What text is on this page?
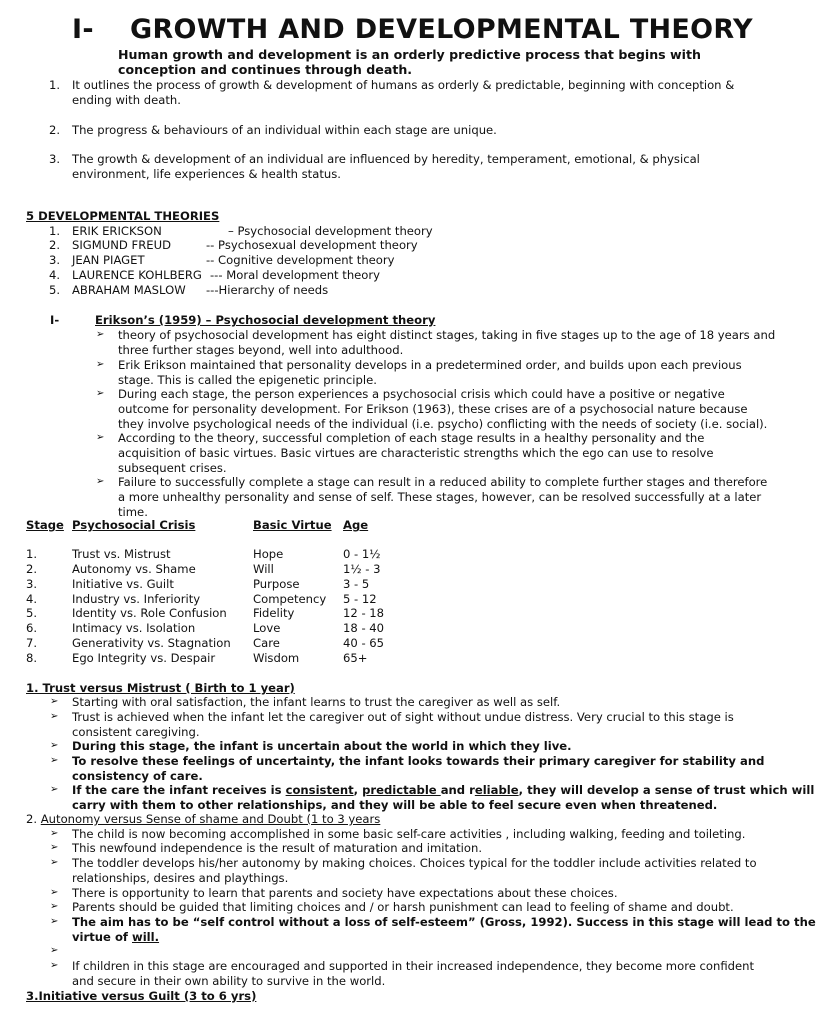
I- GROWTH AND DEVELOPMENTAL THEORY
Human growth and development is an orderly predictive process that begins with conception and continues through death.
1. It outlines the process of growth & development of humans as orderly & predictable, beginning with conception &
ending with death.
2. The progress & behaviours of an individual within each stage are unique.
3. The growth & development of an individual are influenced by heredity, temperament, emotional, & physical
environment, life experiences & health status.
5 DEVELOPMENTAL THEORIES
1. ERIK ERICKSON	– Psychosocial development theory
2. SIGMUND FREUD	-- Psychosexual development theory
3. JEAN PIAGET	-- Cognitive development theory
4. LAURENCE KOHLBERG --- Moral development theory
5. ABRAHAM MASLOW ---Hierarchy of needs
I-	Erikson’s (1959) – Psychosocial development theory
➢ theory of psychosocial development has eight distinct stages, taking in five stages up to the age of 18 years and
three further stages beyond, well into adulthood.
➢ Erik Erikson maintained that personality develops in a predetermined order, and builds upon each previous
stage. This is called the epigenetic principle.
➢ During each stage, the person experiences a psychosocial crisis which could have a positive or negative
outcome for personality development. For Erikson (1963), these crises are of a psychosocial nature because
they involve psychological needs of the individual (i.e. psycho) conflicting with the needs of society (i.e. social).
➢ According to the theory, successful completion of each stage results in a healthy personality and the
acquisition of basic virtues. Basic virtues are characteristic strengths which the ego can use to resolve
subsequent crises.
➢ Failure to successfully complete a stage can result in a reduced ability to complete further stages and therefore
a more unhealthy personality and sense of self. These stages, however, can be resolved successfully at a later
time.
Stage Psychosocial Crisis	Basic Virtue Age
1.	Trust vs. Mistrust	Hope	0 - 1½
2.	Autonomy vs. Shame	Will	1½ - 3
3.	Initiative vs. Guilt	Purpose	3 - 5
4.	Industry vs. Inferiority	Competency 5 - 12
5.	Identity vs. Role Confusion Fidelity	12 - 18
6.	Intimacy vs. Isolation	Love	18 - 40
7.	Generativity vs. Stagnation Care	40 - 65
8.	Ego Integrity vs. Despair	Wisdom	65+
1. Trust versus Mistrust ( Birth to 1 year)
➢ Starting with oral satisfaction, the infant learns to trust the caregiver as well as self.
➢ Trust is achieved when the infant let the caregiver out of sight without undue distress. Very crucial to this stage is
consistent caregiving.
➢ During this stage, the infant is uncertain about the world in which they live.
➢ To resolve these feelings of uncertainty, the infant looks towards their primary caregiver for stability and
consistency of care.
➢ If the care the infant receives is consistent, predictable and reliable, they will develop a sense of trust which will
carry with them to other relationships, and they will be able to feel secure even when threatened.
2. Autonomy versus Sense of shame and Doubt (1 to 3 years
➢ The child is now becoming accomplished in some basic self-care activities , including walking, feeding and toileting.
➢ This newfound independence is the result of maturation and imitation.
➢ The toddler develops his/her autonomy by making choices. Choices typical for the toddler include activities related to
relationships, desires and playthings.
➢ There is opportunity to learn that parents and society have expectations about these choices.
➢ Parents should be guided that limiting choices and / or harsh punishment can lead to feeling of shame and doubt.
➢ The aim has to be “self control without a loss of self-esteem” (Gross, 1992). Success in this stage will lead to the
virtue of will.
➢
➢ If children in this stage are encouraged and supported in their increased independence, they become more confident
and secure in their own ability to survive in the world.
3.Initiative versus Guilt (3 to 6 yrs)
